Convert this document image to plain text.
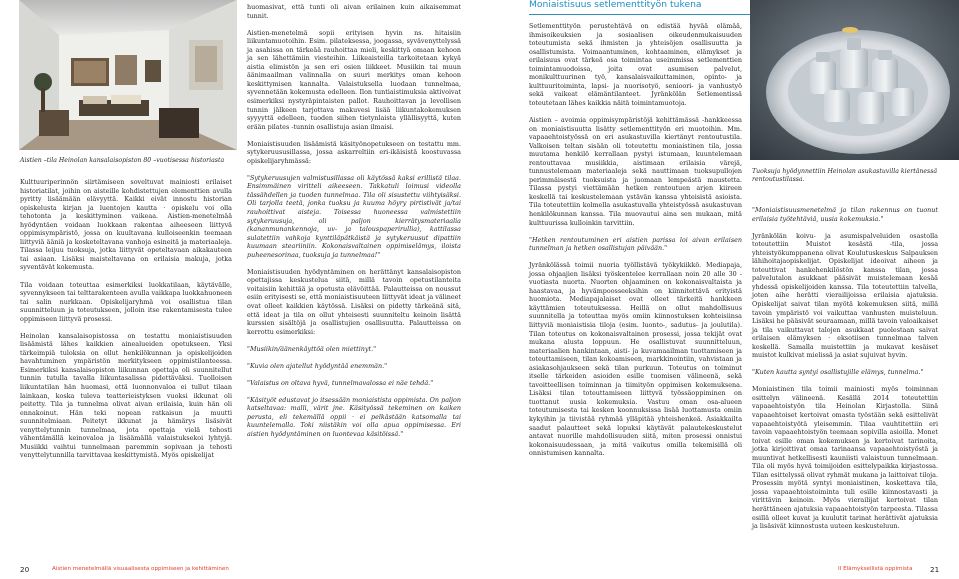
Aistien –tila Heinolan kansalaisopiston 80 –vuotisessa historiasta

Kulttuuriperinnön siirtämiseen soveltuvat mainiosti erilaiset historiatilat, joihin on aisteille kohdistettujen elementtien avulla pyritty lisäämään elävyyttä. Kaikki eivät innostu historian opiskelusta kirjan ja luentojen kautta · opiskelu voi olla tehotonta ja keskittyminen vaikeaa. Aistien-menetelmää hyödyntäen voidaan luokkaan rakentaa aiheeseen liittyvä oppimisympäristö, jossa on kuultavana kulloiseenkin teemaan liittyviä ääniä ja kosketeltavana vanhoja esineitä ja materiaaleja. Tilassa leijuu tuoksuja, jotka liittyvät opeteltavaan aikakauteen tai asiaan. Lisäksi maisteltavana on erilaisia makuja, jotka syventävät kokemusta.

Tila voidaan toteuttaa esimerkiksi luokkatilaan, käytävälle, syvennykseen tai telttarakenteen avulla vaikkapa luokkahuoneen tai salin nurkkaan. Opiskelijaryhmä voi osallistua tilan suunnitteluun ja toteutukseen, jolloin itse rakentamisesta tulee oppimiseen liittyvä prosessi.

Heinolan kansalaisopistossa on testattu moniaistisuuden lisäämistä lähes kaikkien ainealueiden opetukseen. Yksi tärkeimpiä tuloksia on ollut henkilökunnan ja opiskelijoiden havahtuminen ympäristön merkitykseen oppimistilanteessa. Esimerkiksi kansalaisopiston liikunnan opettaja oli suunnitellut tunnin tutulla tavalla liikuntasalissa pidettäväksi. Tuolloisen liikuntatilan hän huomasi, että luonnonvaloa ei tullut tilaan lainkaan, koska tuleva teatterieistyksen vuoksi ikkunat oli peitetty. Tila ja tunnelma olivat aivan erilaisia, kuin hän oli ennakoinut. Hän teki nopean ratkaisun ja muutti suunnitelmiaan. Peitetyt ikkunat ja hämärys lisäsivät venyttelytunnin tunnelmaa, jota opettaja vielä tehosti vähentämällä keinovaloa ja lisäämällä valaistuksekoi lyhtyjä. Musiikki vaihtui tunnelmaan paremmin sopivaan ja tehosti venyttelytunnilla tarvittavaa keskittymistä. Myös opiskelijat

huomasivat, että tunti oli aivan erilainen kuin aikaisemmat tunnit.

Aistien-menetelmä sopii erityisen hyvin ns. hitaisiin liikuntamuotoihin. Esim. pilateksessa, joogassa, syvävenyttelyssä ja asahissa on tärkeää rauhoittaa mieli, keskittyä omaan kehoon ja sen lähettämiin viesteihin. Liikeaisteilla tarkoitetaan kykyä aistia elimistön ja sen eri osien liikkeet. Musiikin tai muun äänimaailman valinnalla on suuri merkitys oman kehoon keskittymisen kannalta. Valaistuksella luodaan tunnelmaa, syvennetään kokemusta edelleen. Ilon tuntiaistimuksia aktivoivat esimerkiksi nystyräpintaisten pallot. Rauhoittavan ja levollisen tunnin jälkeen tarjottava makuvesi lisää liikuntakokemuksen syyyyttä edelleen, tuoden siihen tietynlaista yllällisyyttä, kuten erään pilates -tunnin osallistuja asian ilmaisi.

Moniaistisuuden lisäämistä käsityönopetukseen on testattu mm. sytykeruususillassa, jossa askarreltiin eri-ikäisistä koostuvassa opiskelijaryhmässä:

"Sytykeruusujen valmistusillassa oli käytössä kaksi erillistä tilaa. Ensimmäinen viritteli aikeeseen. Takkatuli loimusi videolla tässähdellen ja tuoden tunnelmaa. Tila oli sisustettu viihtyisäksi. Oli tarjolla teetä, jonka tuoksu ja kuuma höyry pirtistivät ja/tai rauhoittivat aisteja. Toisessa huoneessa valmistettiin sytykeruusuja, oli paljon kierrätysmateriaalia (kananmunankennoja, uv- ja talouspaperirullia), kattilassa sulatettiin vahkoja kynttiläpätkäistä ja sytykeruusut dipattiin kuumaan steariiniin. Kokonaisvaltainen oppimiselämys, iloista puheenesorinaa, tuoksuja ja tunnelmaa!"

Moniaistisuuden hyödyntäminen on herättänyt kansalaisopiston opettajissa keskustelua siitä, millä tavoin opetustilanteita voitaisiin kehittää ja opetusta elävöittää. Palautteissa on noussut esiin erityisesti se, että moniaistisuuteen liittyvät ideat ja välineet ovat olleet kaikkien käytössä. Lisäksi on pidetty tärkeänä sitä, että ideat ja tila on ollut yhteisesti suunniteltu keinoin lisättä kurssien sisältöjä ja osallistujien osallisuutta. Palautteissa on kerrottu esimerkiksi:

"Musiikin/äänenkäyttöä olen miettinyt."

"Kuvia olen ajatellut hyödyntää enemmän."

"Valaistus on oltava hyvä, tunnelmavalossa ei näe tehdä."

"Käsityöt edustavat jo itsessään moniaistista oppimista. On paljon katseltavaa: malli, värit jne. Käsityössä tekeminen on kaiken perusta, eli tekemällä oppii · ei pelkästään katsomalla tai kuuntelemalla. Toki niistäkin voi olla apua oppimisessa. Eri aistien hyödyntäminen on luontevaa käsitöissä."

20	Aistien menetelmällä visuaalisesta oppimiseen ja kehittäminen
Moniaistisuus setlementtityön tukena

Setlementtityön perustehtävä on edistää hyvää elämää, ihmisoikeuksien ja sosiaalisen oikeudenmukaisuuden toteutumista sekä ihmisten ja yhteisöjen osallisuutta ja osallistumista. Voimaantuminen, kohtaaminen, elämykset ja erilaisuus ovat tärkeä osa toimintaa useimmissa setlementtien toimintamuodoissa, joita ovat asumisen palvelut, monikulttuurinen työ, kansalaisvaikuttaminen, opinto- ja kulttuuritoiminta, lapsi- ja nuorisotyö, senioori- ja vanhustyö sekä vaikeat elämäntilanteet. Jyränkölän Setlementissä toteutetaan lähes kaikkia näitä toimintamuotoja.

Aistien – avoimia oppimisympäristöjä kehittämässä -hankkeessa on moniaistisuutta lisätty setlementtityön eri muotoihin. Mm. vapaaehtoistyössä on eri asukastuvilla kiertänyt rentoutustila. Valkoisen teltan sisään oli toteutettu moniaistinen tila, jossa muutama henkilö kerrallaan pystyi istumaan, kuuntelemaan rentouttavaa musiikkia, aistimaan erilaisia värejä, tunnustelemaan materiaaleja sekä nauttimaan tuoksupullojen perimmäisestä tuoksuista ja juomaan lempeästä maustetta. Tilassa pystyi viettämään hetken rentoutuen arjen kiireen keskellä tai keskustelemaan ystävän kanssa yhteisistä asioista. Tila toteutettiin kolmella asukastuvalla yhteistyössä asukastuvan henkilökunnan kanssa. Tila muovautui aina sen mukaan, mitä kulttuurissa kulloinkin tarvittiin.

"Hetken rentoutuminen eri aistien parissa loi aivan erilaisen tunnelman ja hetken osallistujan päivään."

Jyränkölässä toimii nuoria työllistävä työkykiikkö. Mediapaja, jossa ohjaajien lisäksi työskentelee kerrallaan noin 20 alle 30 -vuotiasta nuorta. Nuorten ohjaaminen on kokonaisvaltaista ja haastavaa, ja hyvämpoosseeksihin on kiinnitettävä erityistä huomiota. Mediapajalaiset ovat olleet tärkeitä hankkeen käyttämien toteutuksessa. Heillä on ollut mahdollisuus suunnitella ja toteuttaa myös omiin kiinnostuksen kohteisiinsa liittyviä moniaistisia tiloja (esim. luonto-, sadutus- ja joulutila). Tilan toteutus on kokonaisvaltainen prosessi, jossa tekijät ovat mukana alusta loppuun. He osallistuvat suunnitteluun, materiaalien hankintaan, aisti- ja kuvamaailman tuottamiseen ja toteuttamiseen, tilan kokoamiseen, markkinointiin, vahvistaan ja asiakasohjaukseen sekä tilan purkuun. Toteutus on toiminut itselle tärkeiden asioiden esille tuomisen välineenä, sekä tavoitteellisen toiminnan ja tiimityön oppimisen kokemuksena. Lisäksi tilan toteuttamiseen liittyvä työssäoppiminen on tuottanut uusia kokemuksia. Vastuu oman osa-alueen toteutumisesta tai kesken koonnuksissa lisää luottamusta omiin kykyihin ja tiivistää ryhmää ylläpitää yhteishenkeä. Asiakkailta saadut palautteet sekä lopuksi käytävät palautekeskustelut antavat nuorille mahdollisuuden siitä, miten prosessi onnistui kokonaisuudessaan, ja mitä vaikutus omilla tekemisillä oli onnistumisen kannalta.

Tuoksuja hyödynnettiin Heinolan asukastuvilla kiertänessä rentoutustilassa.

"Moniaistisuusmenetelmä ja tilan rakennus on tuonut erilaisia työtehtäviä, uusia kokemuksia."

Jyränkölän koivu- ja asumispalveluiden osastolla toteutettiin Muistot kesästä -tila, jossa yhteistyökumppanena olivat Koulutuskeskus Salpauksen lähihoitajaopiskelijat. Opiskelijat ideoivat aiheen ja toteuttivat hankehenkilöstön kanssa tilan, jossa palvelutalon asukkaat pääsivät muistelemaan kesää yhdessä opiskelijoiden kanssa. Tila toteutettiin talvella, joten aihe herätti vierailijoissa erilaisia ajatuksia. Opiskelijat saivat tilan myötä kokemuksen siitä, millä tavoin ympäristö voi vaikuttaa vanhusten muisteluun. Lisäksi he pääsivät seuraamaan, millä tavoin valoaikaiset ja tila vaikuttavat talojen asukkaat puolestaan saivat erilaisen elämyksen · eksotiisen tunnelmaa talven keskellä. Samalla muistettiin ja mukavat kesäiset muistot kulkivat mielissä ja asiat sujuivat hyvin.

"Kuten kautta syntyi osallistujille elämys, tunnelma."

Moniaistinen tila toimii mainiosti myös toiminnan esittelyn välineenä. Kesällä 2014 toteutettiin vapaaehtoistyön tila Heinolan Kirjastolla. Siinä vapaaehtoiset kertoivat omasta työstään sekä esittelivät vapaaehtoistyötä yleisemmin. Tilaa vauhtitettiin eri tavoin vapaaehtoistyön teemaan sopivilla asioilla. Monet toivat esille oman kokemuksen ja kertoivat tarinoita, jotka kirjoittivat omaa tarinaansa vapaaehtoistyöstä ja muuntivat hetkellisesti kauniisti valaistuun tunnelmaan. Tila oli myös hyvä toimijoiden esittelypaikka kirjastossa. Tilan esittelyssä olivat ryhmät mukana ja laittoivat tiloja. Prosessin myötä syntyi moniaistinen, koskettava tila, jossa vapaaehtoistoiminta tuli esille kiinnostavasti ja virittävin keinoin. Myös vierailijat kertoivat tilan herättäneen ajatuksia vapaaehtoistyön tarpeesta. Tilassa esillä olleet kuvat ja kuulutit tarinat herättivät ajatuksia ja lisäsivät kiinnostusta uuteen keskusteluun.

II Elämyksellistä oppimista 21
